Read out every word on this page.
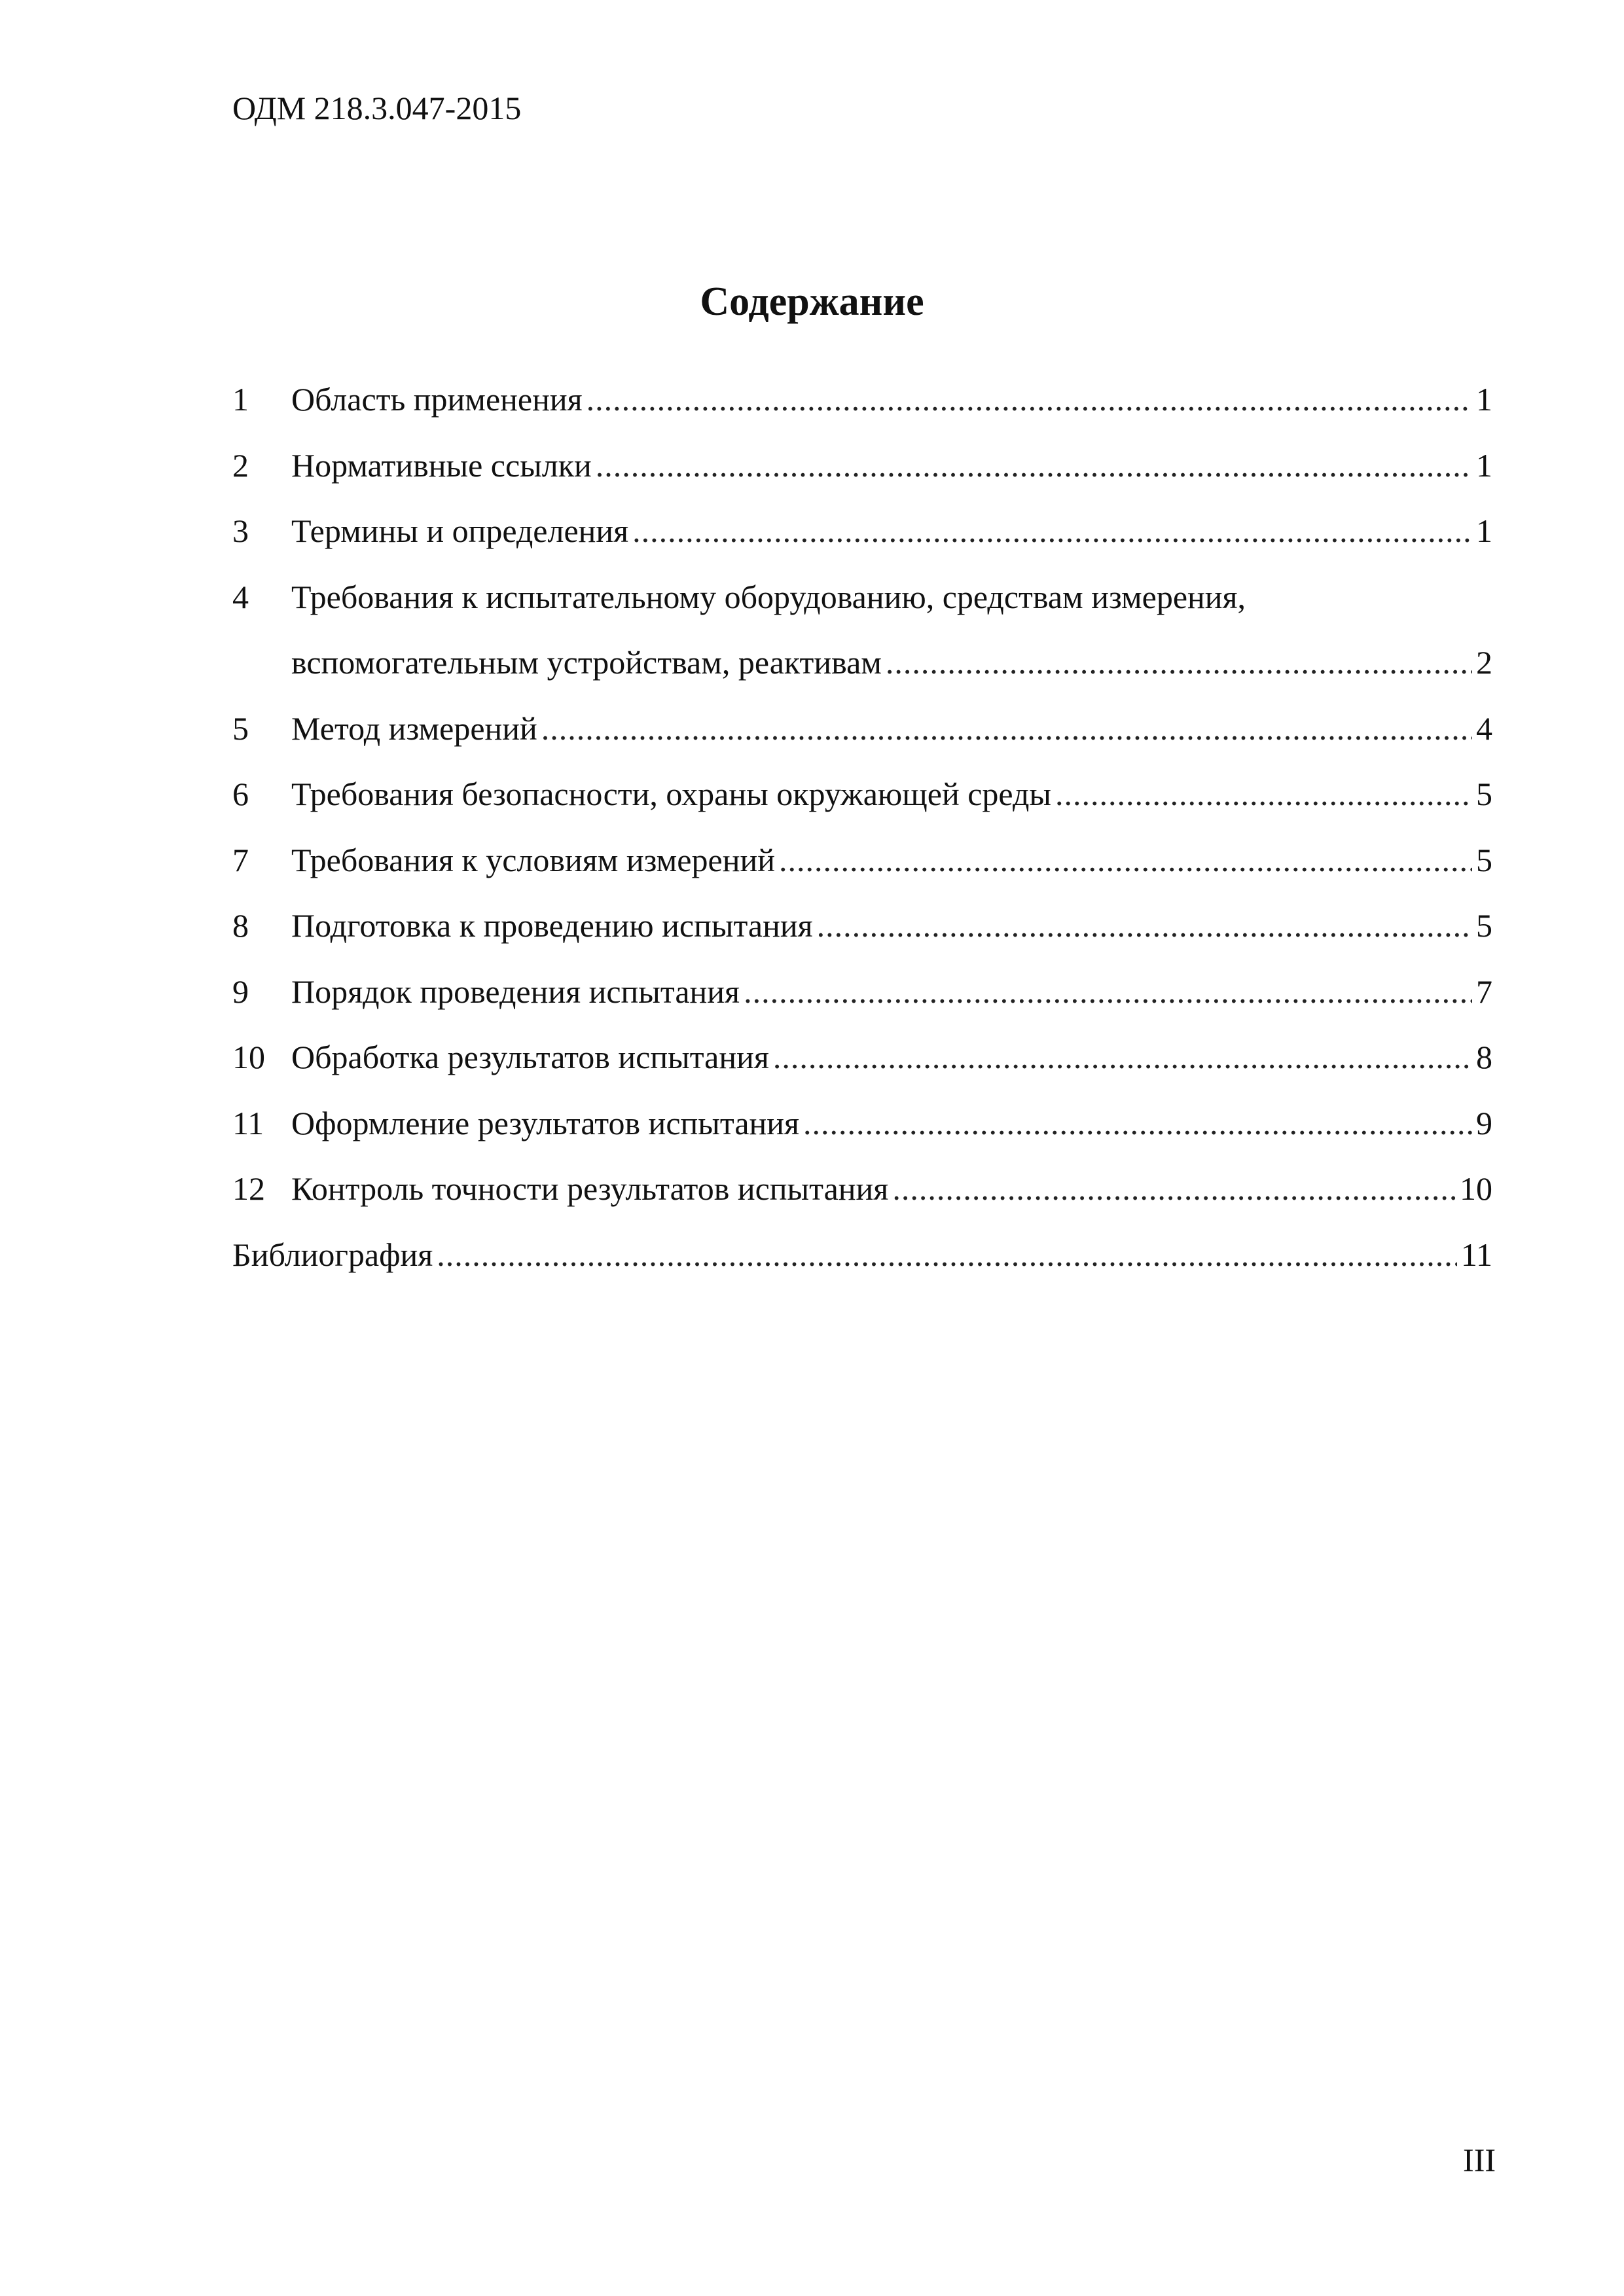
ОДМ 218.3.047-2015
Содержание
1	Область применения .....	1
2	Нормативные ссылки .....	1
3	Термины и определения .....	1
4	Требования к испытательному оборудованию, средствам измерения,
вспомогательным устройствам, реактивам .....	2
5	Метод измерений .....	4
6	Требования безопасности, охраны окружающей среды .....	5
7	Требования к условиям измерений .....	5
8	Подготовка к проведению испытания .....	5
9	Порядок проведения испытания .....	7
10 Обработка результатов испытания .....	8
11 Оформление результатов испытания .....	9
12 Контроль точности результатов испытания .....	10
Библиография .....	11
III
